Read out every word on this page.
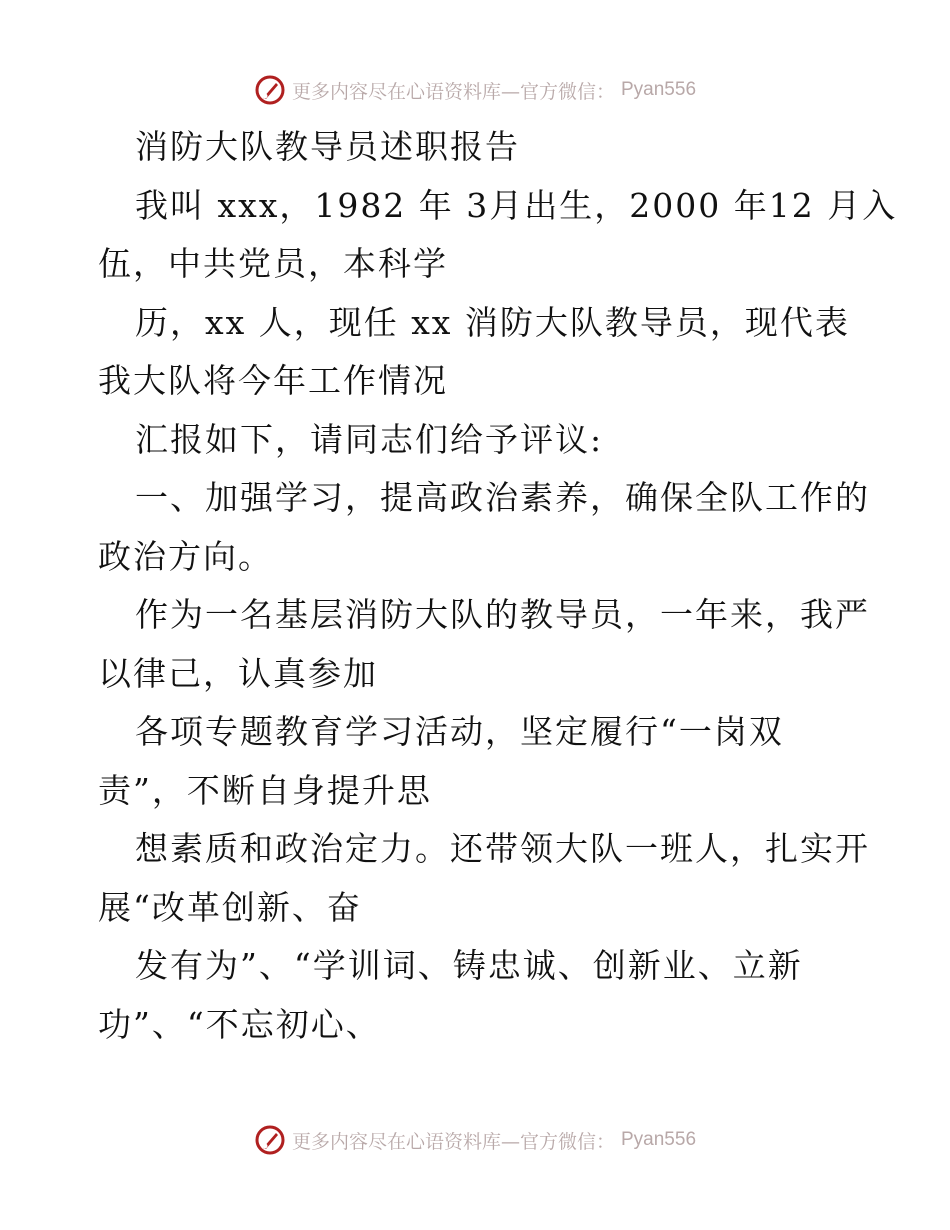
更多内容尽在心语资料库—官方微信： Pyan556
消防大队教导员述职报告
我叫 xxx，1982 年 3月出生，2000 年12 月入
伍，中共党员，本科学
历，xx 人，现任 xx 消防大队教导员，现代表
我大队将今年工作情况
汇报如下，请同志们给予评议:
一、加强学习，提高政治素养，确保全队工作的
政治方向。
作为一名基层消防大队的教导员，一年来，我严
以律己，认真参加
各项专题教育学习活动，坚定履行“一岗双
责”，不断自身提升思
想素质和政治定力。还带领大队一班人，扎实开
展“改革创新、奋
发有为”、“学训词、铸忠诚、创新业、立新
功”、“不忘初心、
更多内容尽在心语资料库—官方微信： Pyan556
